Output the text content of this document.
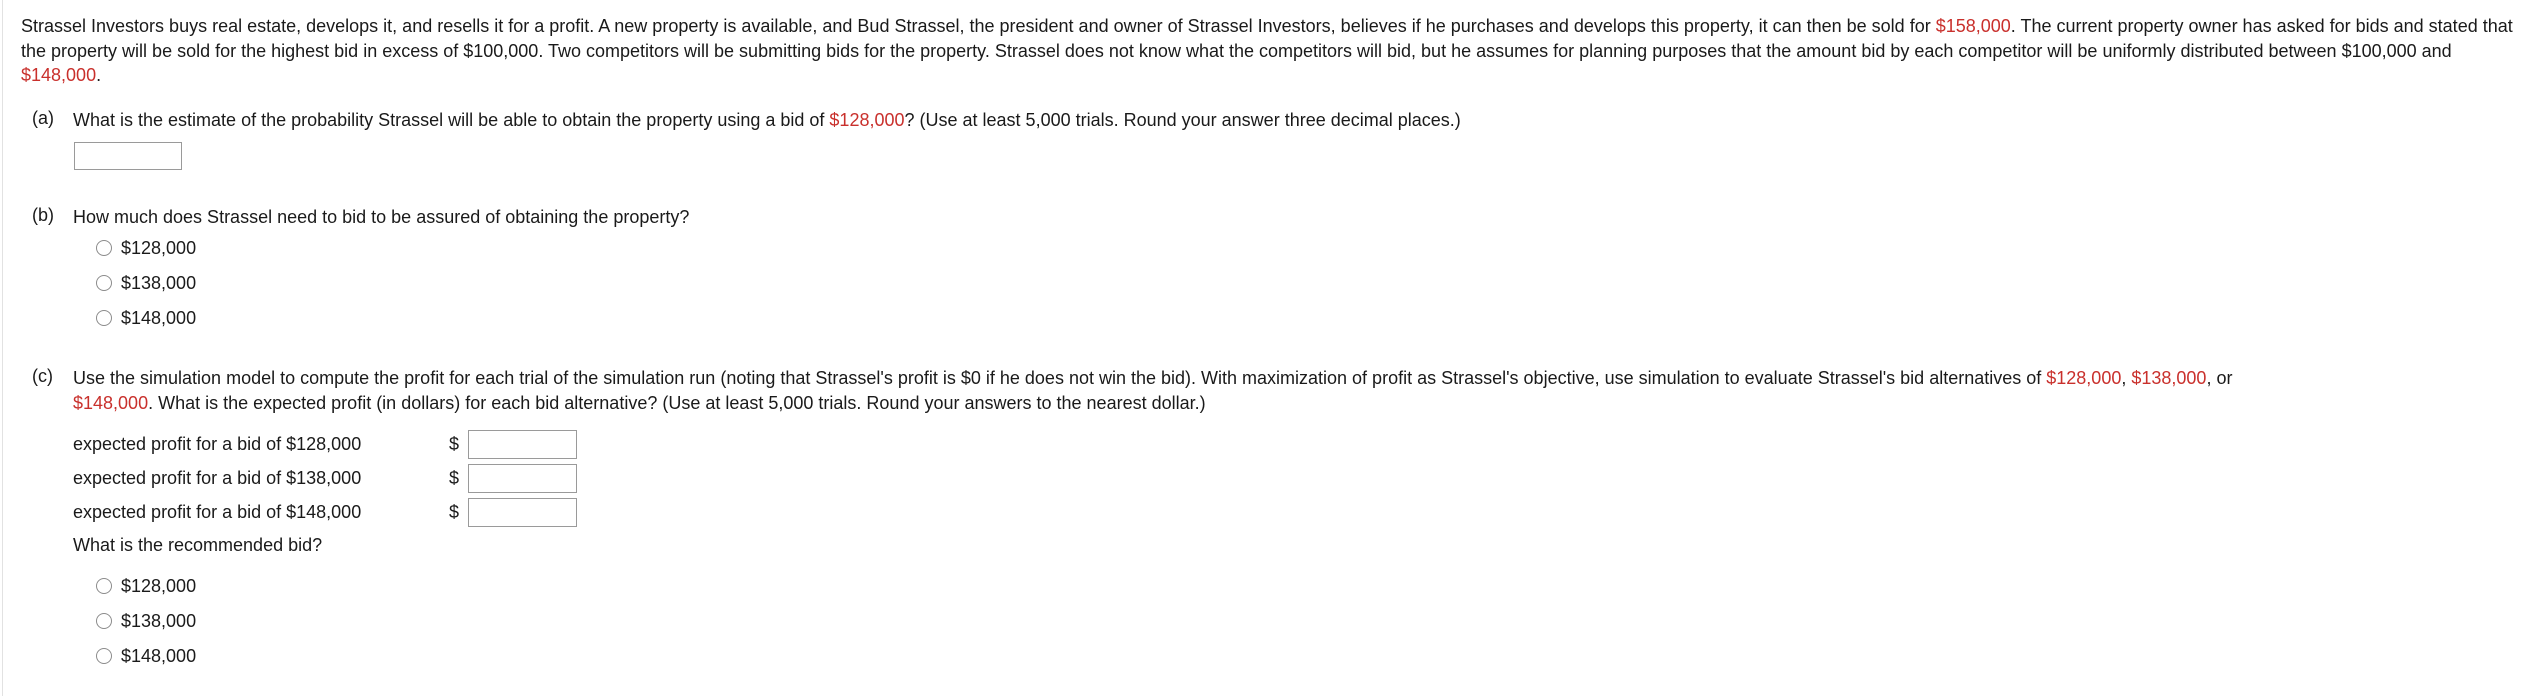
Strassel Investors buys real estate, develops it, and resells it for a profit. A new property is available, and Bud Strassel, the president and owner of Strassel Investors, believes if he purchases and develops this property, it can then be sold for $158,000. The current property owner has asked for bids and stated that the property will be sold for the highest bid in excess of $100,000. Two competitors will be submitting bids for the property. Strassel does not know what the competitors will bid, but he assumes for planning purposes that the amount bid by each competitor will be uniformly distributed between $100,000 and $148,000.

(a) What is the estimate of the probability Strassel will be able to obtain the property using a bid of $128,000? (Use at least 5,000 trials. Round your answer three decimal places.)
(b) How much does Strassel need to bid to be assured of obtaining the property?
$128,000
$138,000
$148,000
(c) Use the simulation model to compute the profit for each trial of the simulation run (noting that Strassel's profit is $0 if he does not win the bid). With maximization of profit as Strassel's objective, use simulation to evaluate Strassel's bid alternatives of $128,000, $138,000, or
$148,000. What is the expected profit (in dollars) for each bid alternative? (Use at least 5,000 trials. Round your answers to the nearest dollar.)
expected profit for a bid of $128,000	$
expected profit for a bid of $138,000	$
expected profit for a bid of $148,000	$
What is the recommended bid?
$128,000
$138,000
$148,000
